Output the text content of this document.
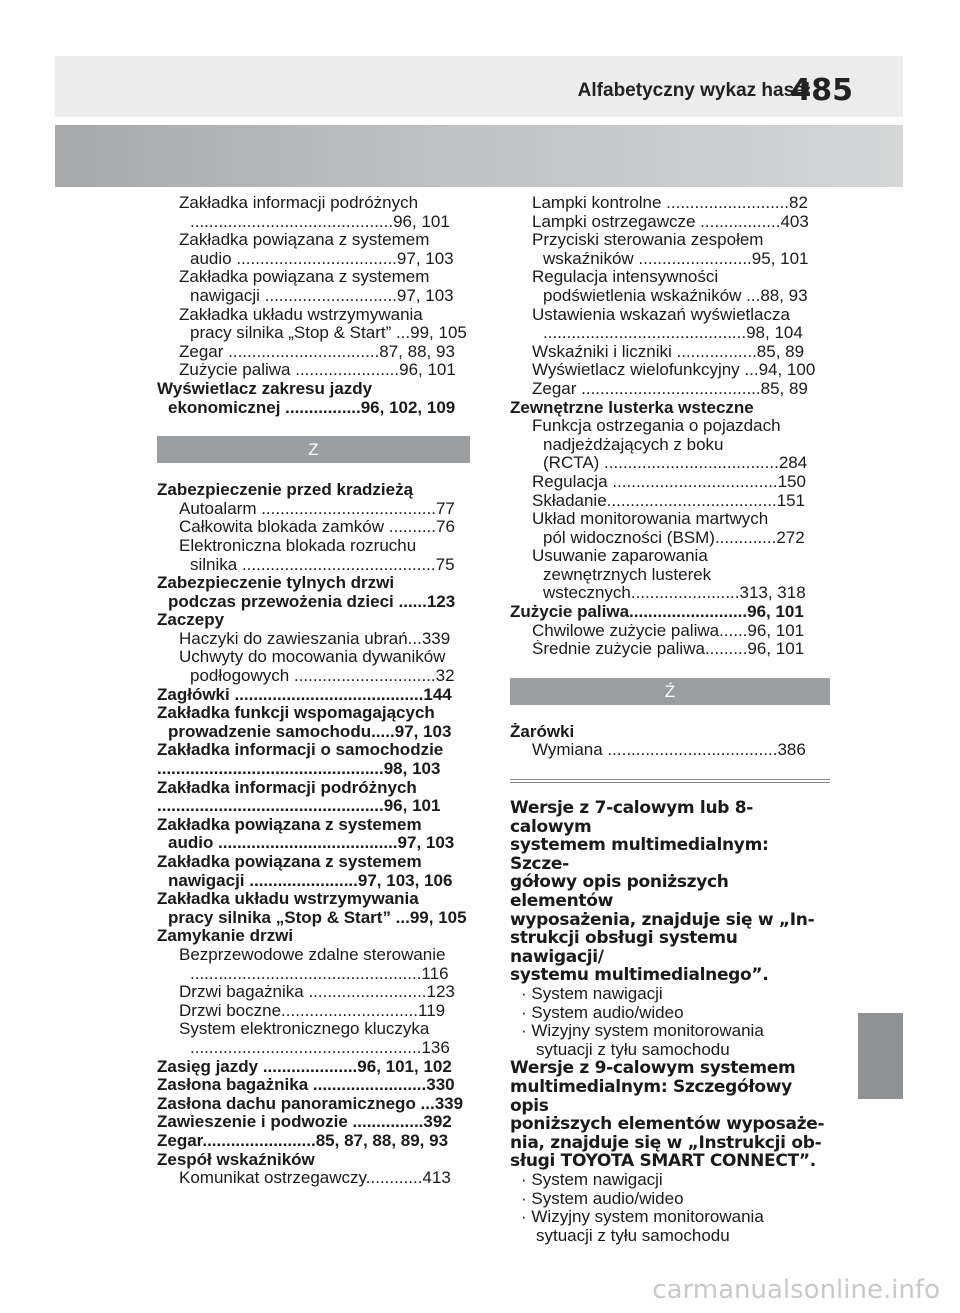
Alfabetyczny wykaz haseł
485
Zakładka informacji podróżnych
...........................................96, 101
Zakładka powiązana z systemem
audio ..................................97, 103
Zakładka powiązana z systemem
nawigacji ............................97, 103
Zakładka układu wstrzymywania
pracy silnika „Stop & Start” ...99, 105
Zegar ................................87, 88, 93
Zużycie paliwa ......................96, 101
Wyświetlacz zakresu jazdy
ekonomicznej ................96, 102, 109
Z
Zabezpieczenie przed kradzieżą
Autoalarm .....................................77
Całkowita blokada zamków ..........76
Elektroniczna blokada rozruchu
silnika .........................................75
Zabezpieczenie tylnych drzwi
podczas przewożenia dzieci ......123
Zaczepy
Haczyki do zawieszania ubrań...339
Uchwyty do mocowania dywaników
podłogowych ..............................32
Zagłówki ........................................144
Zakładka funkcji wspomagających
prowadzenie samochodu.....97, 103
Zakładka informacji o samochodzie
................................................98, 103
Zakładka informacji podróżnych
................................................96, 101
Zakładka powiązana z systemem
audio ......................................97, 103
Zakładka powiązana z systemem
nawigacji .......................97, 103, 106
Zakładka układu wstrzymywania
pracy silnika „Stop & Start” ...99, 105
Zamykanie drzwi
Bezprzewodowe zdalne sterowanie
.................................................116
Drzwi bagażnika .........................123
Drzwi boczne.............................119
System elektronicznego kluczyka
.................................................136
Zasięg jazdy ....................96, 101, 102
Zasłona bagażnika ........................330
Zasłona dachu panoramicznego ...339
Zawieszenie i podwozie ...............392
Zegar........................85, 87, 88, 89, 93
Zespół wskaźników
Komunikat ostrzegawczy............413
Lampki kontrolne ..........................82
Lampki ostrzegawcze .................403
Przyciski sterowania zespołem
wskaźników ........................95, 101
Regulacja intensywności
podświetlenia wskaźników ...88, 93
Ustawienia wskazań wyświetlacza
...........................................98, 104
Wskaźniki i liczniki .................85, 89
Wyświetlacz wielofunkcyjny ...94, 100
Zegar ......................................85, 89
Zewnętrzne lusterka wsteczne
Funkcja ostrzegania o pojazdach
nadjeżdżających z boku
(RCTA) .....................................284
Regulacja ...................................150
Składanie....................................151
Układ monitorowania martwych
pól widoczności (BSM).............272
Usuwanie zaparowania
zewnętrznych lusterek
wstecznych.......................313, 318
Zużycie paliwa.........................96, 101
Chwilowe zużycie paliwa......96, 101
Średnie zużycie paliwa.........96, 101
Ź
Żarówki
Wymiana ....................................386
Wersje z 7-calowym lub 8-calowym
systemem multimedialnym: Szcze-
gółowy opis poniższych elementów
wyposażenia, znajduje się w „In-
strukcji obsługi systemu nawigacji/
systemu multimedialnego”.
· System nawigacji
· System audio/wideo
· Wizyjny system monitorowania
sytuacji z tyłu samochodu
Wersje z 9-calowym systemem
multimedialnym: Szczegółowy opis
poniższych elementów wyposaże-
nia, znajduje się w „Instrukcji ob-
sługi TOYOTA SMART CONNECT”.
· System nawigacji
· System audio/wideo
· Wizyjny system monitorowania
sytuacji z tyłu samochodu
carmanualsonline.info
